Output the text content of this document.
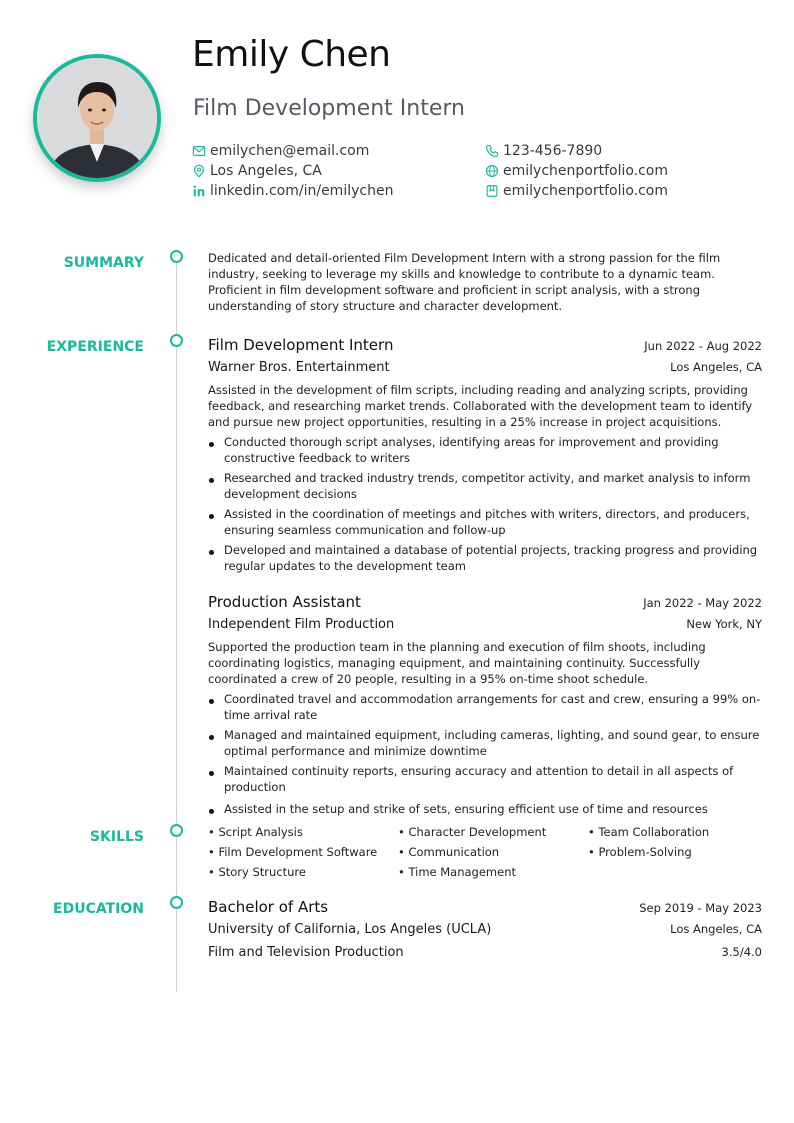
Emily Chen
Film Development Intern
emilychen@email.com
Los Angeles, CA
linkedin.com/in/emilychen
123-456-7890
emilychenportfolio.com
emilychenportfolio.com
SUMMARY
EXPERIENCE
SKILLS
EDUCATION
Dedicated and detail-oriented Film Development Intern with a strong passion for the film industry, seeking to leverage my skills and knowledge to contribute to a dynamic team. Proficient in film development software and proficient in script analysis, with a strong understanding of story structure and character development.
Film Development Intern	Jun 2022 - Aug 2022
Warner Bros. Entertainment	Los Angeles, CA
Assisted in the development of film scripts, including reading and analyzing scripts, providing feedback, and researching market trends. Collaborated with the development team to identify and pursue new project opportunities, resulting in a 25% increase in project acquisitions.
Conducted thorough script analyses, identifying areas for improvement and providing constructive feedback to writers
Researched and tracked industry trends, competitor activity, and market analysis to inform development decisions
Assisted in the coordination of meetings and pitches with writers, directors, and producers, ensuring seamless communication and follow-up
Developed and maintained a database of potential projects, tracking progress and providing regular updates to the development team
Production Assistant	Jan 2022 - May 2022
Independent Film Production	New York, NY
Supported the production team in the planning and execution of film shoots, including coordinating logistics, managing equipment, and maintaining continuity. Successfully coordinated a crew of 20 people, resulting in a 95% on-time shoot schedule.
Coordinated travel and accommodation arrangements for cast and crew, ensuring a 99% on-time arrival rate
Managed and maintained equipment, including cameras, lighting, and sound gear, to ensure optimal performance and minimize downtime
Maintained continuity reports, ensuring accuracy and attention to detail in all aspects of production
Assisted in the setup and strike of sets, ensuring efficient use of time and resources
• Script Analysis	• Character Development	• Team Collaboration
• Film Development Software	• Communication	• Problem-Solving
• Story Structure	• Time Management
Bachelor of Arts	Sep 2019 - May 2023
University of California, Los Angeles (UCLA)	Los Angeles, CA
Film and Television Production	3.5/4.0
